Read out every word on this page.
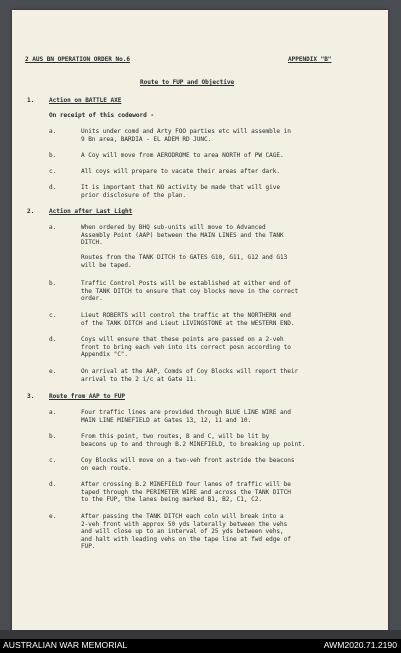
2 AUS BN OPERATION ORDER No.6	APPENDIX "B"
Route to FUP and Objective
1. Action on BATTLE AXE
On receipt of this codeword -
a.	Units under comd and Arty FOO parties etc will assemble in
9 Bn area, BARDIA - EL ADEM RD JUNC.
b.	A Coy will move from AERODROME to area NORTH of PW CAGE.
c.	All coys will prepare to vacate their areas after dark.
d.	It is important that NO activity be made that will give
prior disclosure of the plan.
2. Action after Last Light
a.	When ordered by BHQ sub-units will move to Advanced
Assembly Point (AAP) between the MAIN LINES and the TANK
DITCH.
Routes from the TANK DITCH to GATES G10, G11, G12 and G13
will be taped.
b.	Traffic Control Posts will be established at either end of
the TANK DITCH to ensure that coy blocks move in the correct
order.
c.	Lieut ROBERTS will control the traffic at the NORTHERN end
of the TANK DITCH and Lieut LIVINGSTONE at the WESTERN END.
d.	Coys will ensure that these points are passed on a 2-veh
front to bring each veh into its correct posn according to
Appendix "C".
e.	On arrival at the AAP, Comds of Coy Blocks will report their
arrival to the 2 i/c at Gate 11.
3. Route from AAP to FUP
a.	Four traffic lines are provided through BLUE LINE WIRE and
MAIN LINE MINEFIELD at Gates 13, 12, 11 and 10.
b.	From this point, two routes, B and C, will be lit by
beacons up to and through B.2 MINEFIELD, to breaking up point.
c.	Coy Blocks will move on a two-veh front astride the beacons
on each route.
d.	After crossing B.2 MINEFIELD four lanes of traffic will be
taped through the PERIMETER WIRE and across the TANK DITCH
to the FUP, the lanes being marked B1, B2, C1, C2.
e.	After passing the TANK DITCH each coln will break into a
2-veh front with approx 50 yds laterally between the vehs
and will close up to an interval of 25 yds between vehs,
and halt with leading vehs on the tape line at fwd edge of
FUP.
AUSTRALIAN WAR MEMORIAL	AWM2020.71.2190
